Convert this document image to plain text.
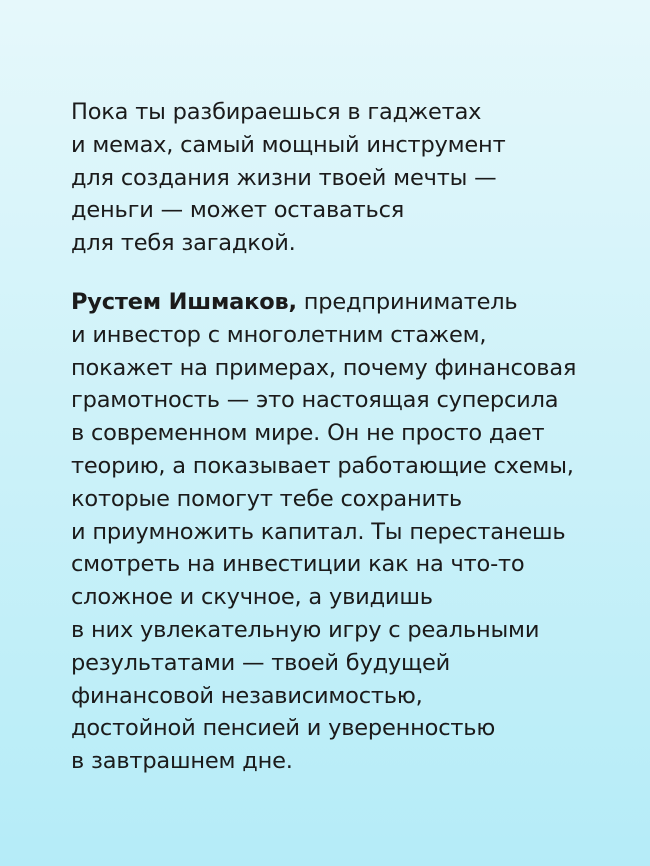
Пока ты разбираешься в гаджетах
и мемах, самый мощный инструмент
для создания жизни твоей мечты —
деньги — может оставаться
для тебя загадкой.
Рустем Ишмаков, предприниматель
и инвестор с многолетним стажем,
покажет на примерах, почему финансовая
грамотность — это настоящая суперсила
в современном мире. Он не просто дает
теорию, а показывает работающие схемы,
которые помогут тебе сохранить
и приумножить капитал. Ты перестанешь
смотреть на инвестиции как на что-то
сложное и скучное, а увидишь
в них увлекательную игру с реальными
результатами — твоей будущей
финансовой независимостью,
достойной пенсией и уверенностью
в завтрашнем дне.
